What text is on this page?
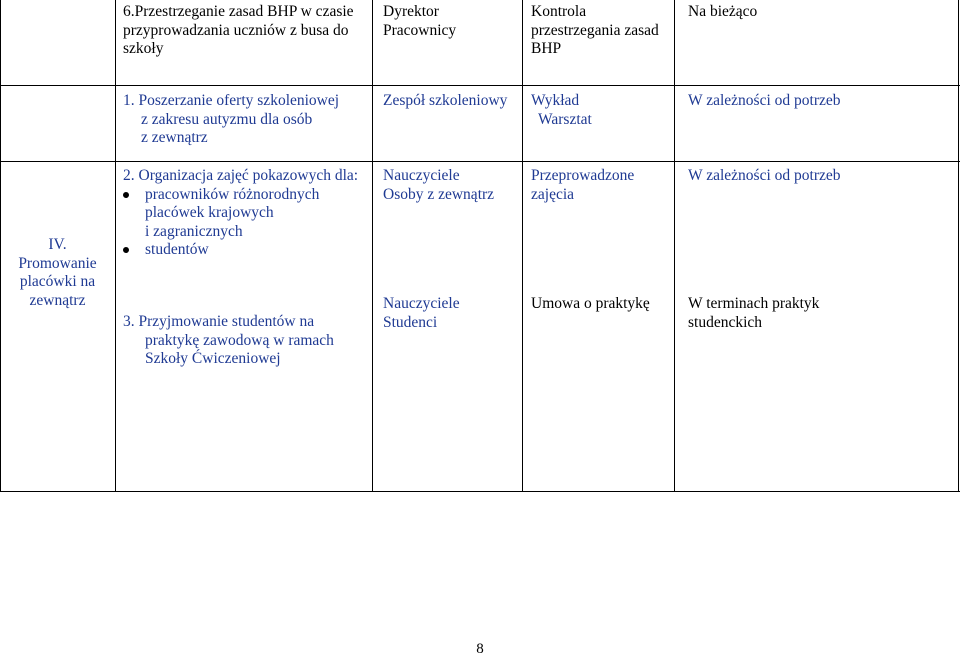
6.Przestrzeganie zasad BHP w czasie
przyprowadzania uczniów z busa do
szkoły
Dyrektor
Pracownicy
Kontrola
przestrzegania zasad
BHP
Na bieżąco
1. Poszerzanie oferty szkoleniowej
z zakresu autyzmu dla osób
z zewnątrz
Zespół szkoleniowy Wykład
Warsztat
W zależności od potrzeb
IV.
Promowanie
placówki na
zewnątrz
2. Organizacja zajęć pokazowych dla:
pracowników różnorodnych
placówek krajowych
i zagranicznych
studentów
Nauczyciele
Osoby z zewnątrz
Przeprowadzone
zajęcia
W zależności od potrzeb
3. Przyjmowanie studentów na
praktykę zawodową w ramach
Szkoły Ćwiczeniowej
Nauczyciele
Studenci
Umowa o praktykę W terminach praktyk
studenckich
8
